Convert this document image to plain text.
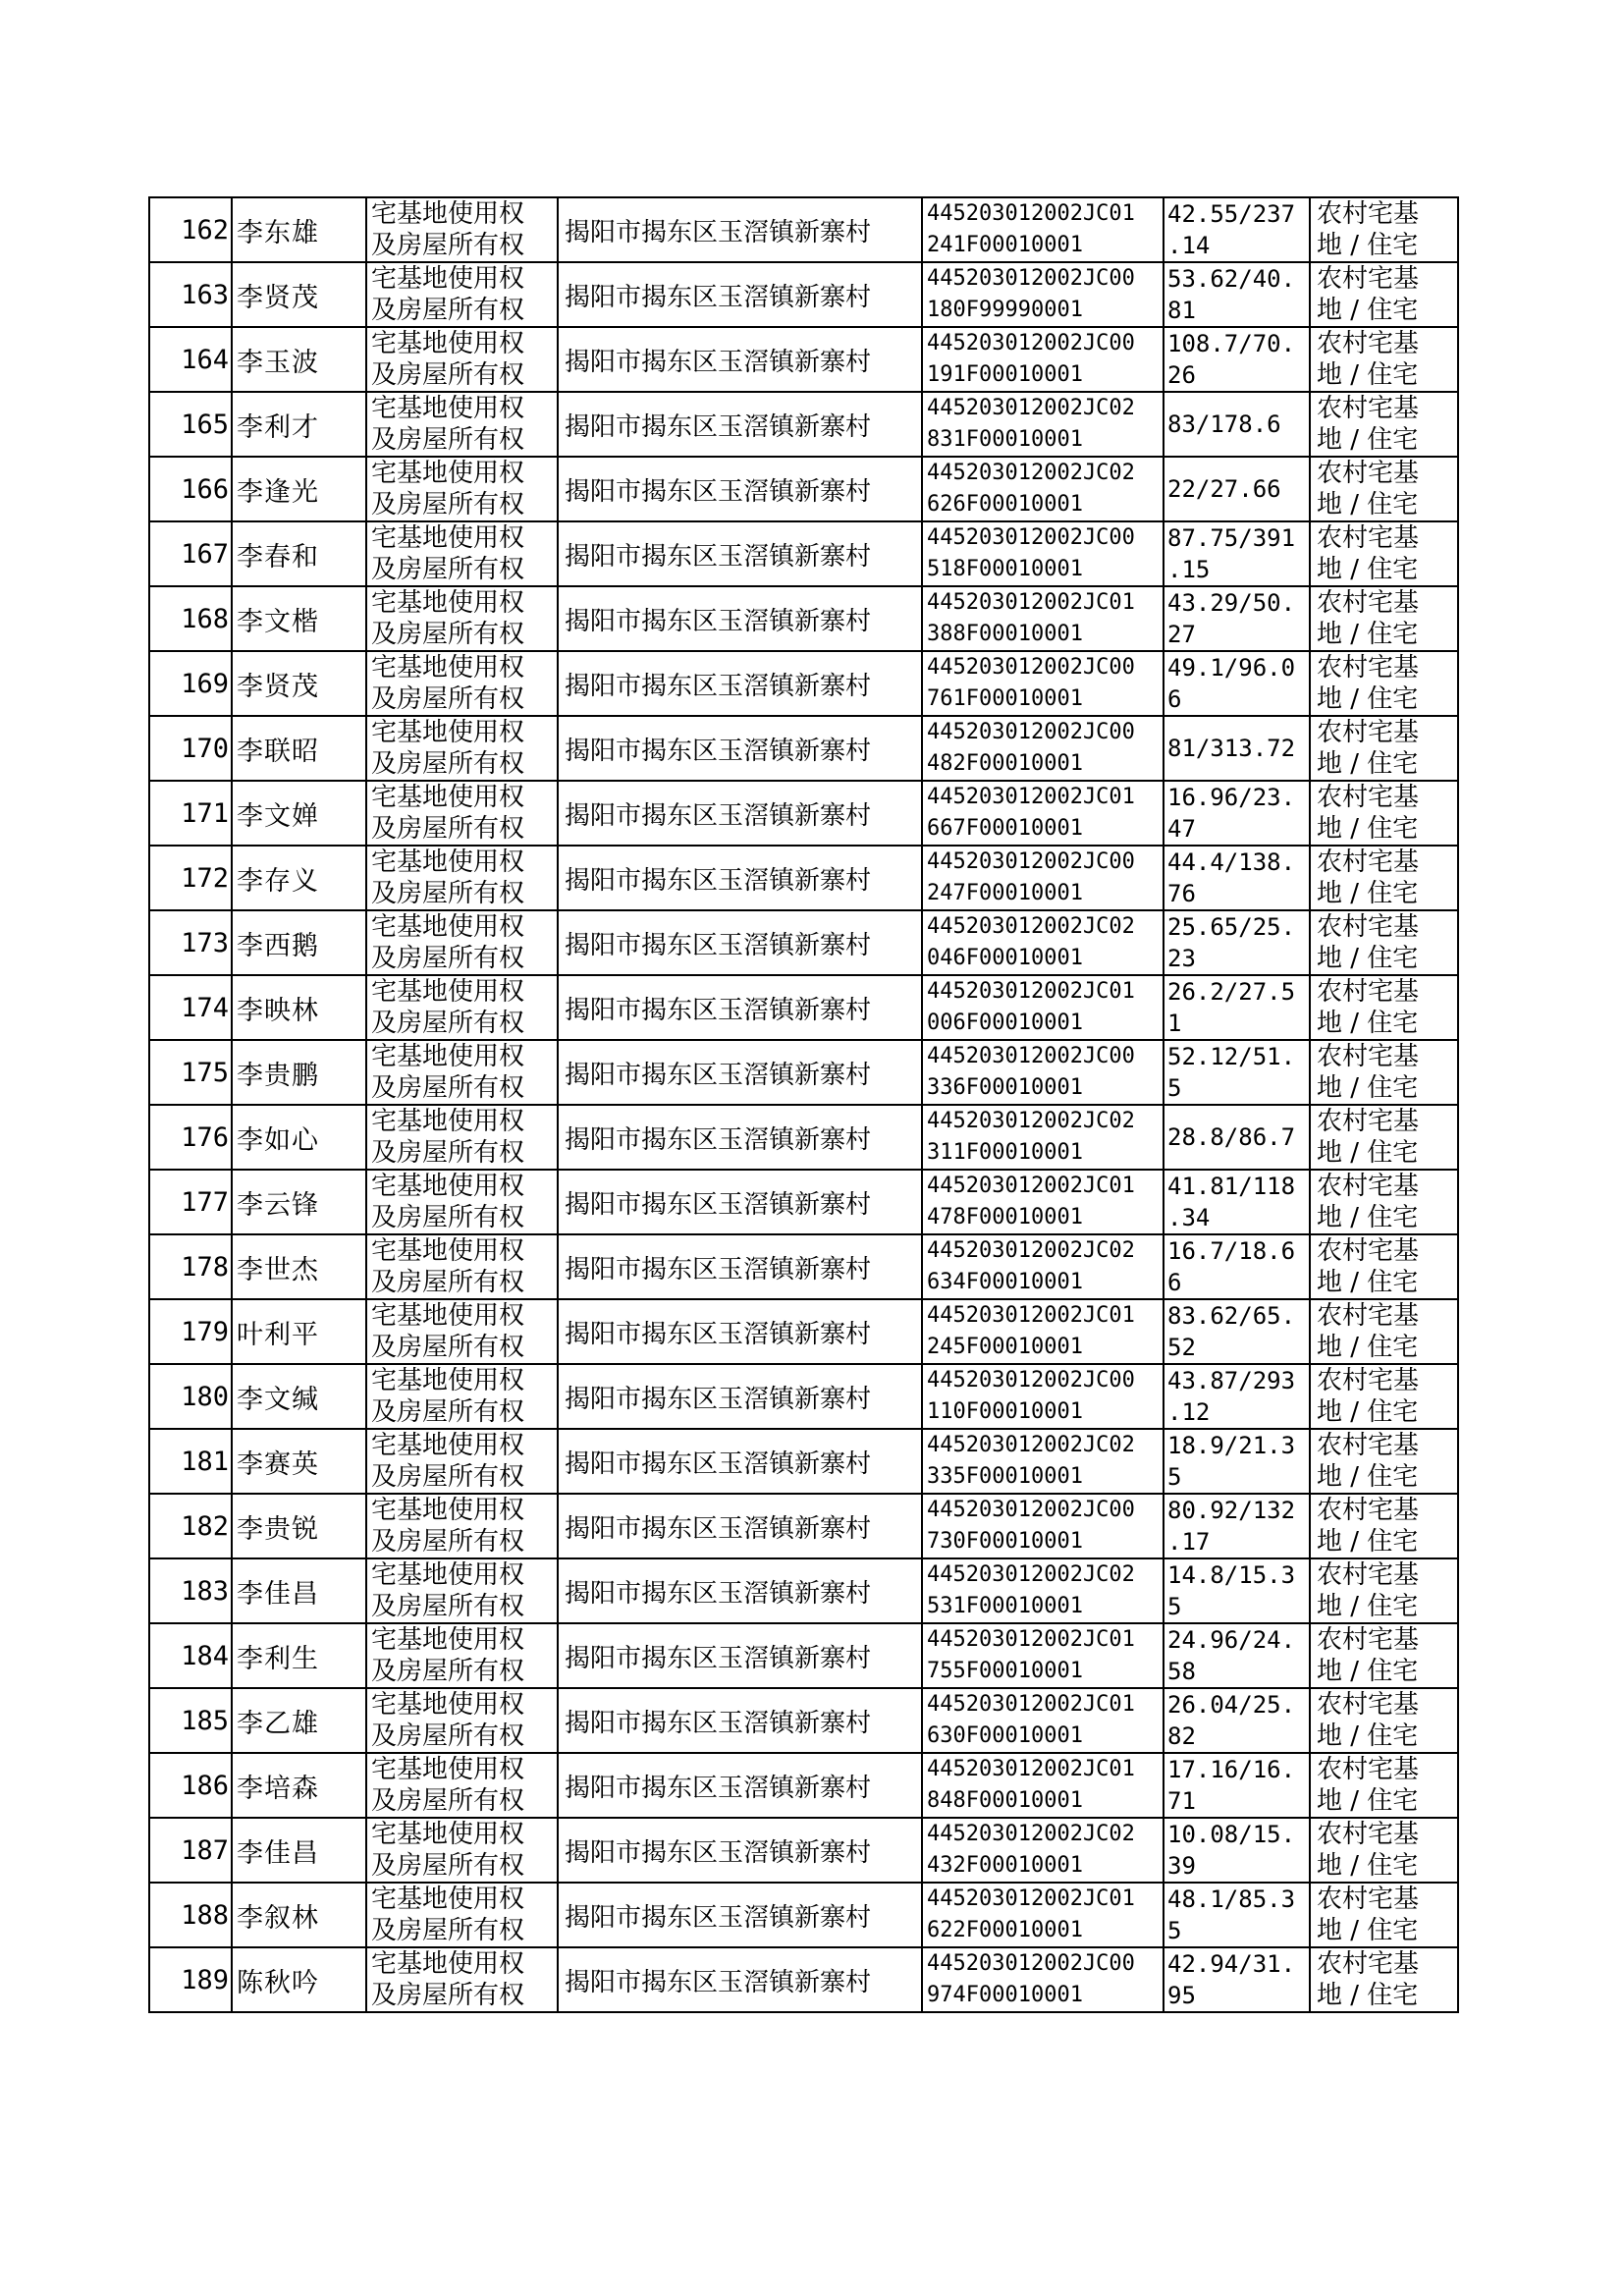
162	李东雄	宅基地使用权
及房屋所有权	揭阳市揭东区玉滘镇新寨村	445203012002JC01
241F00010001	42.55/237
.14	农村宅基
地 / 住宅

163	李贤茂	宅基地使用权
及房屋所有权	揭阳市揭东区玉滘镇新寨村	445203012002JC00
180F99990001	53.62/40.
81	农村宅基
地 / 住宅

164	李玉波	宅基地使用权
及房屋所有权	揭阳市揭东区玉滘镇新寨村	445203012002JC00
191F00010001	108.7/70.
26	农村宅基
地 / 住宅

165	李利才	宅基地使用权
及房屋所有权	揭阳市揭东区玉滘镇新寨村	445203012002JC02
831F00010001	83/178.6	农村宅基
地 / 住宅

166	李逢光	宅基地使用权
及房屋所有权	揭阳市揭东区玉滘镇新寨村	445203012002JC02
626F00010001	22/27.66	农村宅基
地 / 住宅

167	李春和	宅基地使用权
及房屋所有权	揭阳市揭东区玉滘镇新寨村	445203012002JC00
518F00010001	87.75/391
.15	农村宅基
地 / 住宅

168	李文楷	宅基地使用权
及房屋所有权	揭阳市揭东区玉滘镇新寨村	445203012002JC01
388F00010001	43.29/50.
27	农村宅基
地 / 住宅

169	李贤茂	宅基地使用权
及房屋所有权	揭阳市揭东区玉滘镇新寨村	445203012002JC00
761F00010001	49.1/96.0
6	农村宅基
地 / 住宅

170	李联昭	宅基地使用权
及房屋所有权	揭阳市揭东区玉滘镇新寨村	445203012002JC00
482F00010001	81/313.72	农村宅基
地 / 住宅

171	李文婵	宅基地使用权
及房屋所有权	揭阳市揭东区玉滘镇新寨村	445203012002JC01
667F00010001	16.96/23.
47	农村宅基
地 / 住宅

172	李存义	宅基地使用权
及房屋所有权	揭阳市揭东区玉滘镇新寨村	445203012002JC00
247F00010001	44.4/138.
76	农村宅基
地 / 住宅

173	李西鹅	宅基地使用权
及房屋所有权	揭阳市揭东区玉滘镇新寨村	445203012002JC02
046F00010001	25.65/25.
23	农村宅基
地 / 住宅

174	李映林	宅基地使用权
及房屋所有权	揭阳市揭东区玉滘镇新寨村	445203012002JC01
006F00010001	26.2/27.5
1	农村宅基
地 / 住宅

175	李贵鹏	宅基地使用权
及房屋所有权	揭阳市揭东区玉滘镇新寨村	445203012002JC00
336F00010001	52.12/51.
5	农村宅基
地 / 住宅

176	李如心	宅基地使用权
及房屋所有权	揭阳市揭东区玉滘镇新寨村	445203012002JC02
311F00010001	28.8/86.7	农村宅基
地 / 住宅

177	李云锋	宅基地使用权
及房屋所有权	揭阳市揭东区玉滘镇新寨村	445203012002JC01
478F00010001	41.81/118
.34	农村宅基
地 / 住宅

178	李世杰	宅基地使用权
及房屋所有权	揭阳市揭东区玉滘镇新寨村	445203012002JC02
634F00010001	16.7/18.6
6	农村宅基
地 / 住宅

179	叶利平	宅基地使用权
及房屋所有权	揭阳市揭东区玉滘镇新寨村	445203012002JC01
245F00010001	83.62/65.
52	农村宅基
地 / 住宅

180	李文缄	宅基地使用权
及房屋所有权	揭阳市揭东区玉滘镇新寨村	445203012002JC00
110F00010001	43.87/293
.12	农村宅基
地 / 住宅

181	李赛英	宅基地使用权
及房屋所有权	揭阳市揭东区玉滘镇新寨村	445203012002JC02
335F00010001	18.9/21.3
5	农村宅基
地 / 住宅

182	李贵锐	宅基地使用权
及房屋所有权	揭阳市揭东区玉滘镇新寨村	445203012002JC00
730F00010001	80.92/132
.17	农村宅基
地 / 住宅

183	李佳昌	宅基地使用权
及房屋所有权	揭阳市揭东区玉滘镇新寨村	445203012002JC02
531F00010001	14.8/15.3
5	农村宅基
地 / 住宅

184	李利生	宅基地使用权
及房屋所有权	揭阳市揭东区玉滘镇新寨村	445203012002JC01
755F00010001	24.96/24.
58	农村宅基
地 / 住宅

185	李乙雄	宅基地使用权
及房屋所有权	揭阳市揭东区玉滘镇新寨村	445203012002JC01
630F00010001	26.04/25.
82	农村宅基
地 / 住宅

186	李培森	宅基地使用权
及房屋所有权	揭阳市揭东区玉滘镇新寨村	445203012002JC01
848F00010001	17.16/16.
71	农村宅基
地 / 住宅

187	李佳昌	宅基地使用权
及房屋所有权	揭阳市揭东区玉滘镇新寨村	445203012002JC02
432F00010001	10.08/15.
39	农村宅基
地 / 住宅

188	李叙林	宅基地使用权
及房屋所有权	揭阳市揭东区玉滘镇新寨村	445203012002JC01
622F00010001	48.1/85.3
5	农村宅基
地 / 住宅

189	陈秋吟	宅基地使用权
及房屋所有权	揭阳市揭东区玉滘镇新寨村	445203012002JC00
974F00010001	42.94/31.
95	农村宅基
地 / 住宅
